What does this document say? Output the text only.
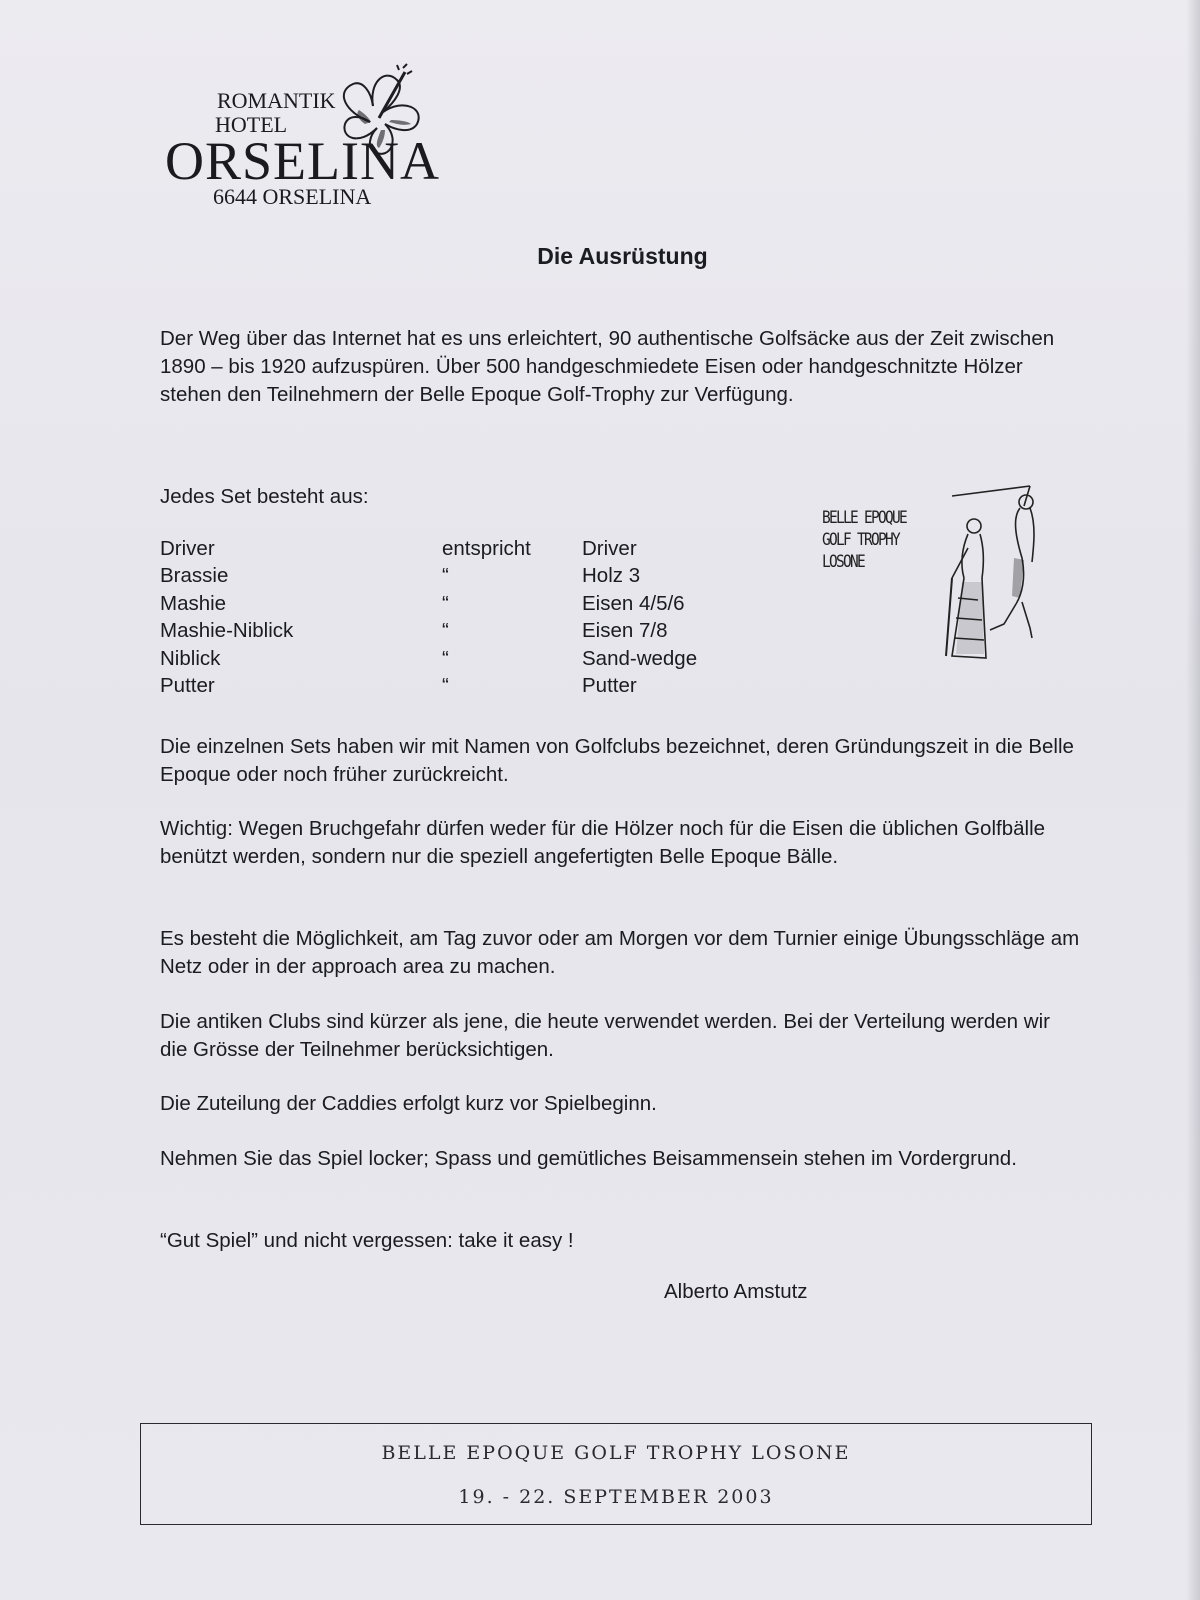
ROMANTIK
HOTEL
ORSELINA
6644 ORSELINA
Die Ausrüstung
Der Weg über das Internet hat es uns erleichtert, 90 authentische Golfsäcke aus der Zeit zwischen 1890 – bis 1920 aufzuspüren. Über 500 handgeschmiedete Eisen oder handgeschnitzte Hölzer stehen den Teilnehmern der Belle Epoque Golf-Trophy zur Verfügung.
Jedes Set besteht aus:
Driver	entspricht Driver
Brassie	“	Holz 3
Mashie	“	Eisen 4/5/6
Mashie-Niblick	“	Eisen 7/8
Niblick	“	Sand-wedge
Putter	“	Putter
BELLE EPOQUE
GOLF TROPHY
LOSONE
Die einzelnen Sets haben wir mit Namen von Golfclubs bezeichnet, deren Gründungszeit in die Belle Epoque oder noch früher zurückreicht.
Wichtig: Wegen Bruchgefahr dürfen weder für die Hölzer noch für die Eisen die üblichen Golfbälle benützt werden, sondern nur die speziell angefertigten Belle Epoque Bälle.
Es besteht die Möglichkeit, am Tag zuvor oder am Morgen vor dem Turnier einige Übungsschläge am Netz oder in der approach area zu machen.
Die antiken Clubs sind kürzer als jene, die heute verwendet werden. Bei der Verteilung werden wir die Grösse der Teilnehmer berücksichtigen.
Die Zuteilung der Caddies erfolgt kurz vor Spielbeginn.
Nehmen Sie das Spiel locker; Spass und gemütliches Beisammensein stehen im Vordergrund.
“Gut Spiel” und nicht vergessen: take it easy !
Alberto Amstutz
BELLE EPOQUE GOLF TROPHY LOSONE
19. - 22. SEPTEMBER 2003
